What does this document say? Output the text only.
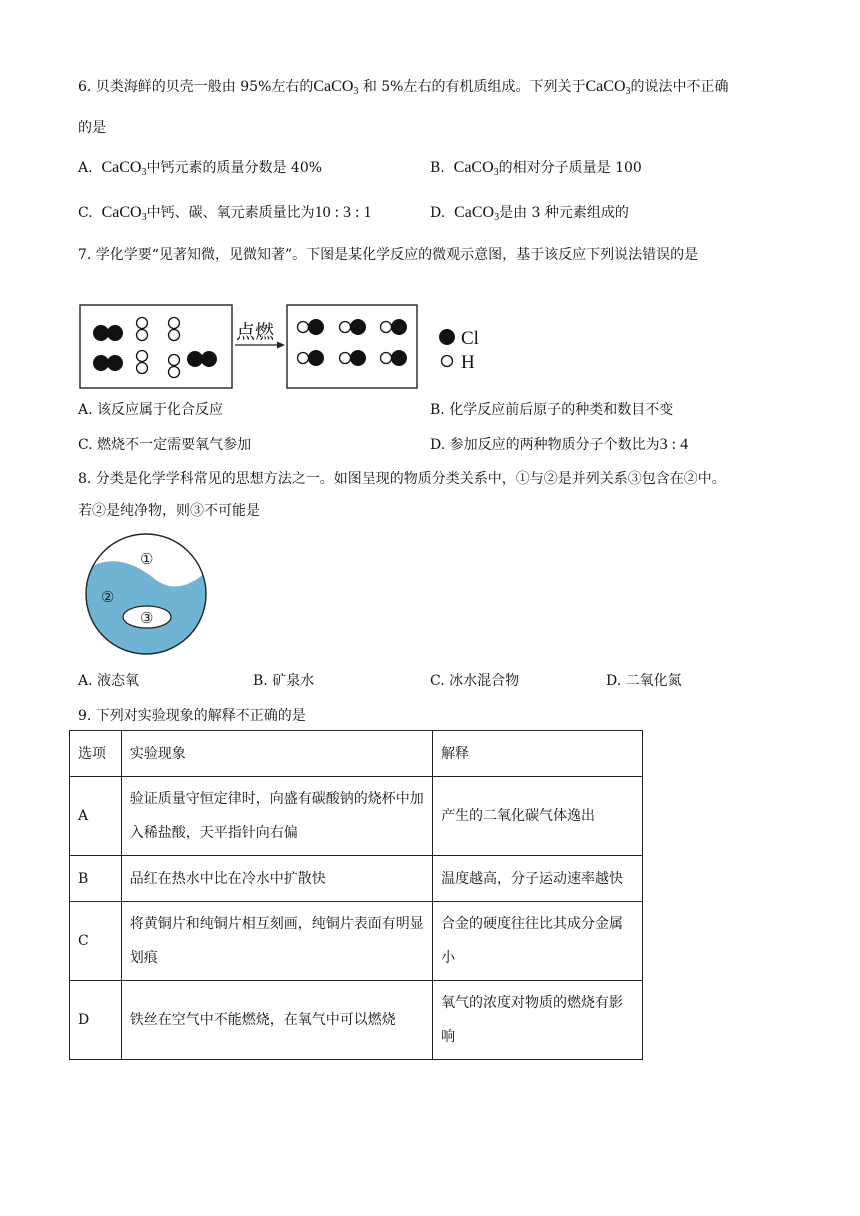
6. 贝类海鲜的贝壳一般由 95%左右的CaCO$_3$ 和 5%左右的有机质组成。下列关于CaCO$_3$的说法中不正确
的是
A. CaCO$_3$中钙元素的质量分数是 40%	B. CaCO$_3$的相对分子质量是 100
C. CaCO$_3$中钙、碳、氧元素质量比为10 : 3 : 1	D. CaCO$_3$是由 3 种元素组成的
7. 学化学要“见著知微，见微知著”。下图是某化学反应的微观示意图，基于该反应下列说法错误的是
点燃	Cl
H
A. 该反应属于化合反应	B. 化学反应前后原子的种类和数目不变
C. 燃烧不一定需要氧气参加	D. 参加反应的两种物质分子个数比为3 : 4
8. 分类是化学学科常见的思想方法之一。如图呈现的物质分类关系中，①与②是并列关系③包含在②中。
若②是纯净物，则③不可能是
①
②
③
A. 液态氧	B. 矿泉水	C. 冰水混合物	D. 二氧化氮
9. 下列对实验现象的解释不正确的是
选项	实验现象	解释
A	验证质量守恒定律时，向盛有碳酸钠的烧杯中加入稀盐酸，天平指针向右偏	产生的二氧化碳气体逸出
B	品红在热水中比在冷水中扩散快	温度越高，分子运动速率越快
C	将黄铜片和纯铜片相互刻画，纯铜片表面有明显划痕	合金的硬度往往比其成分金属小
D	铁丝在空气中不能燃烧，在氧气中可以燃烧	氧气的浓度对物质的燃烧有影响
